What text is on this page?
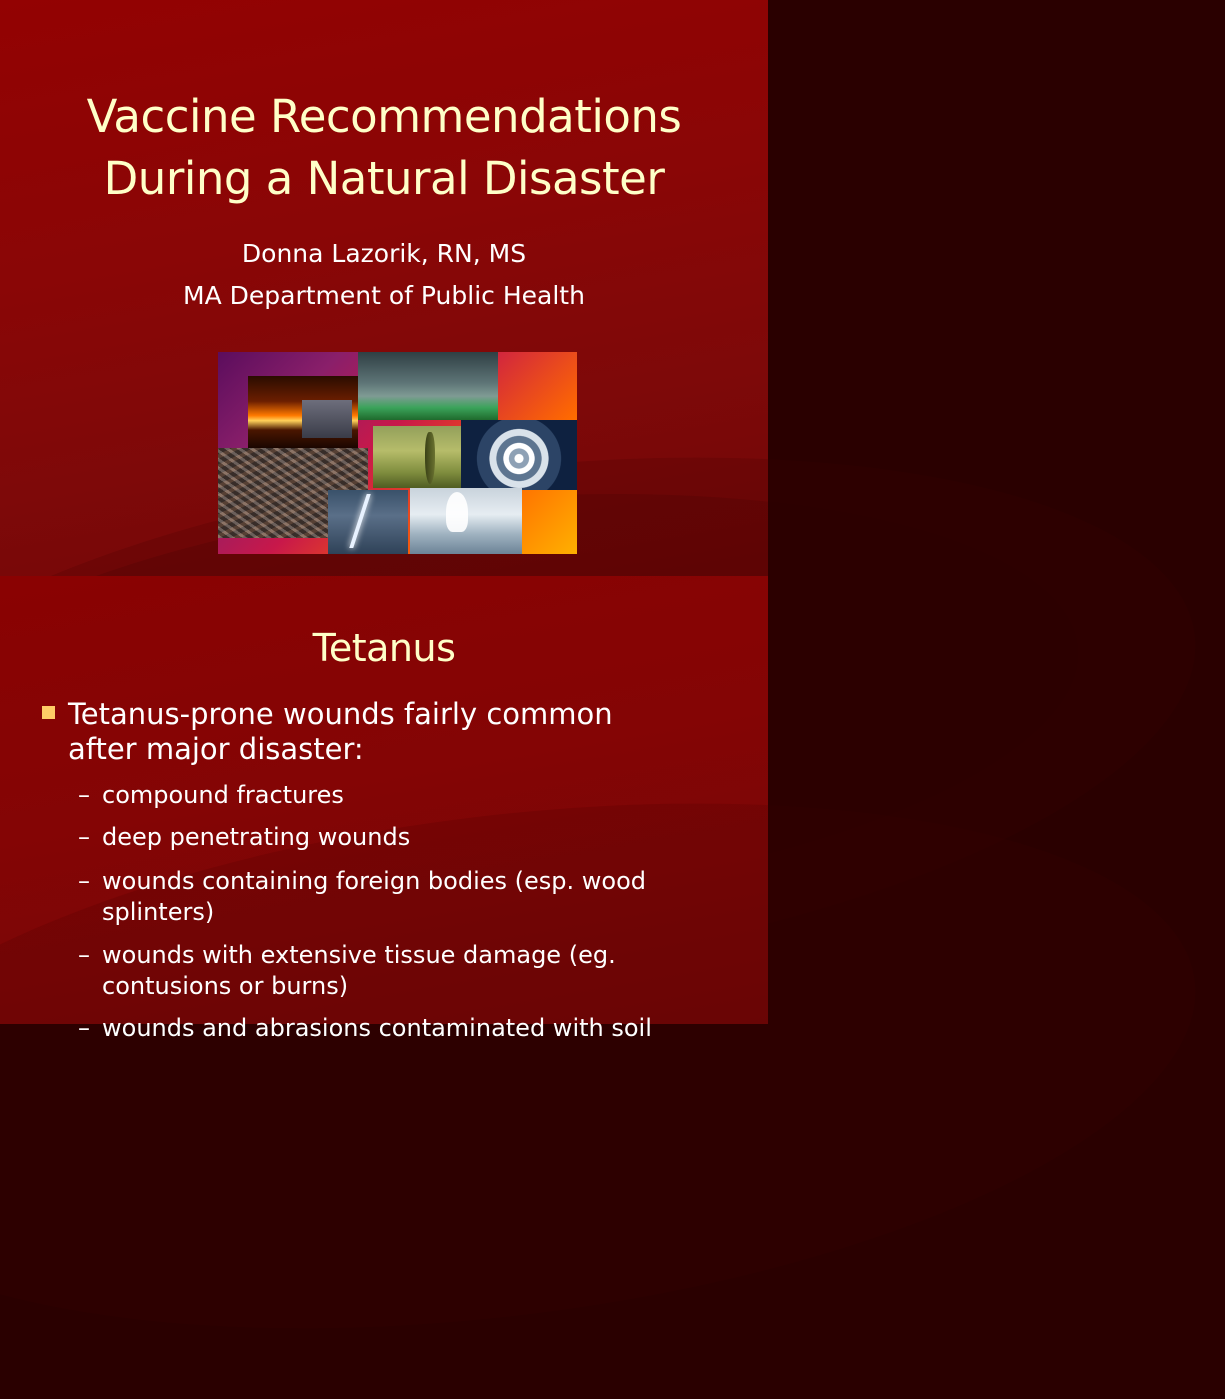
Vaccine Recommendations
During a Natural Disaster
Donna Lazorik, RN, MS
MA Department of Public Health
Tetanus
Tetanus-prone wounds fairly common
after major disaster:
– compound fractures
– deep penetrating wounds
– wounds containing foreign bodies (esp. wood
splinters)
– wounds with extensive tissue damage (eg.
contusions or burns)
– wounds and abrasions contaminated with soil
